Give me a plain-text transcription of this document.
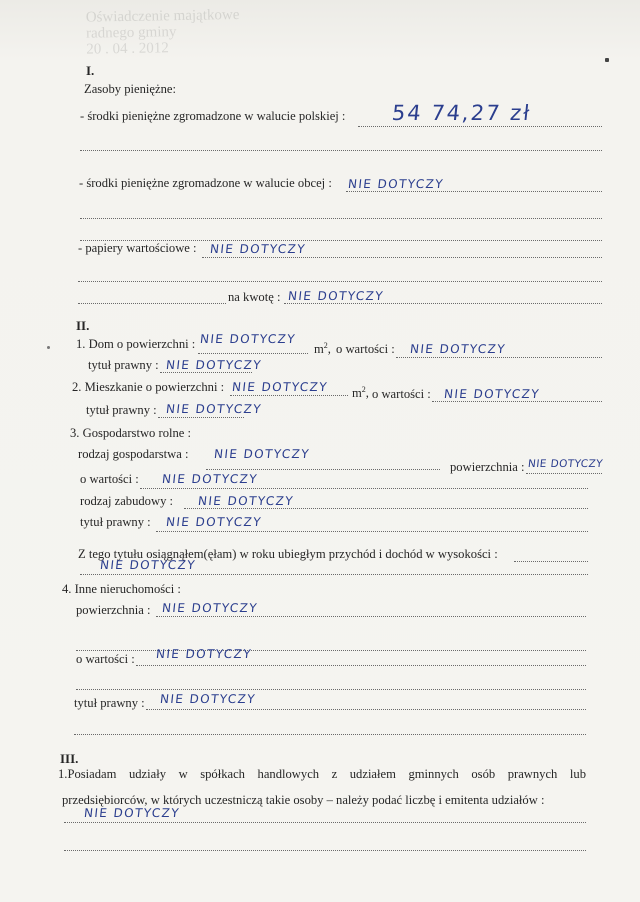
Oświadczenie majątkowe
radnego gminy
20 . 04 . 2012
I.
Zasoby pieniężne:
- środki pieniężne zgromadzone w walucie polskiej : 54 74,27 zł
- środki pieniężne zgromadzone w walucie obcej : NIE DOTYCZY
- papiery wartościowe : NIE DOTYCZY
na kwotę : NIE DOTYCZY
II.
1. Dom o powierzchni : NIE DOTYCZY
$m^2$, o wartości : NIE DOTYCZY
tytuł prawny : NIE DOTYCZY
2. Mieszkanie o powierzchni : NIE DOTYCZY $m^2$, o wartości : NIE DOTYCZY
tytuł prawny : NIE DOTYCZY
3. Gospodarstwo rolne :
rodzaj gospodarstwa : NIE DOTYCZY
powierzchnia : NIE DOTYCZY
o wartości : NIE DOTYCZY
rodzaj zabudowy : NIE DOTYCZY
tytuł prawny : NIE DOTYCZY
Z tego tytułu osiągnąłem(ęłam) w roku ubiegłym przychód i dochód w wysokości :
NIE DOTYCZY
4. Inne nieruchomości :
powierzchnia : NIE DOTYCZY
o wartości : NIE DOTYCZY
tytuł prawny : NIE DOTYCZY
III.
1.Posiadam udziały w spółkach handlowych z udziałem gminnych osób prawnych lub
przedsiębiorców, w których uczestniczą takie osoby – należy podać liczbę i emitenta udziałów :
NIE DOTYCZY
